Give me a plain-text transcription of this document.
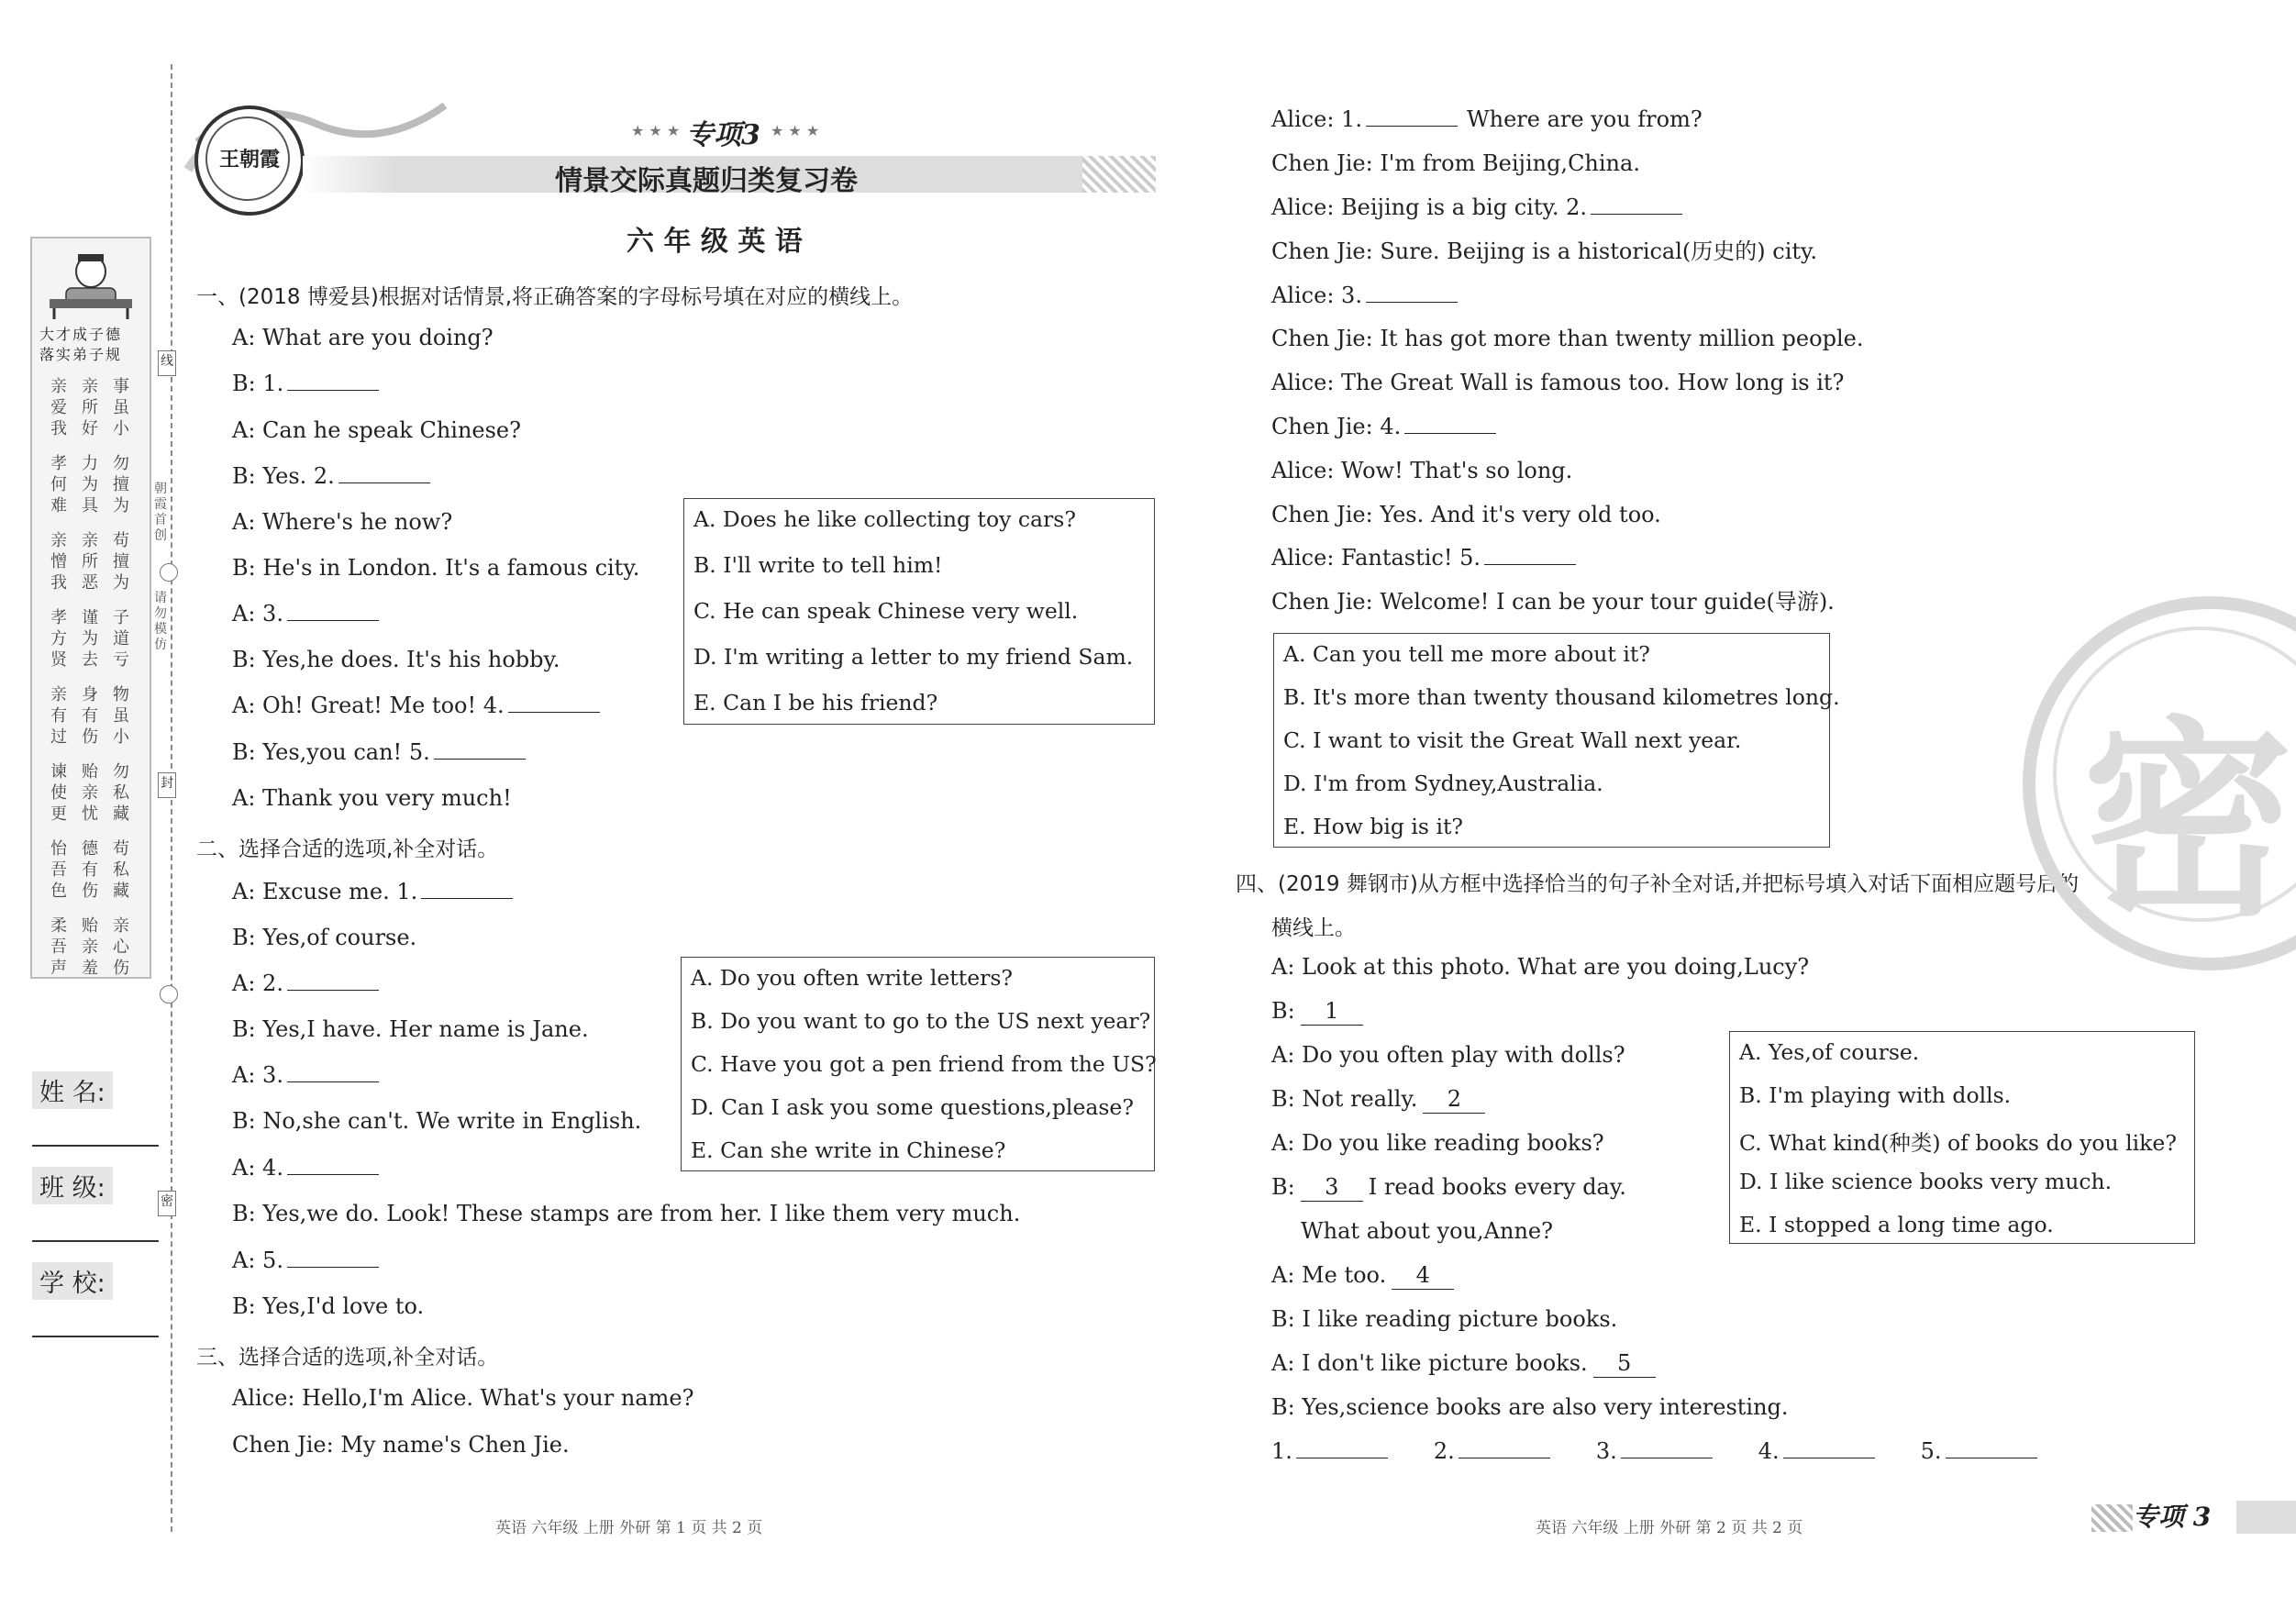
大才成子德
落实弟子规
亲爱我
亲所好
事虽小
孝何难
力为具
勿擅为
亲憎我
亲所恶
苟擅为
孝方贤
谨为去
子道亏
亲有过
身有伤
物虽小
谏使更
贻亲忧
勿私藏
怡吾色
德有伤
苟私藏
柔吾声
贻亲羞
亲心伤
线
朝霞首创
请勿模仿
封
密
姓 名:
班 级:
学 校:
王朝霞
★ ★ ★ 专项3 ★ ★ ★
情景交际真题归类复习卷
六 年 级 英 语
一、(2018 博爱县)根据对话情景,将正确答案的字母标号填在对应的横线上。
A: What are you doing?
B: 1.
A: Can he speak Chinese?
B: Yes. 2.
A: Where's he now?
B: He's in London. It's a famous city.
A: 3.
B: Yes,he does. It's his hobby.
A: Oh! Great! Me too! 4.
B: Yes,you can! 5.
A: Thank you very much!
A. Does he like collecting toy cars?
B. I'll write to tell him!
C. He can speak Chinese very well.
D. I'm writing a letter to my friend Sam.
E. Can I be his friend?
二、选择合适的选项,补全对话。
A: Excuse me. 1.
B: Yes,of course.
A: 2.
B: Yes,I have. Her name is Jane.
A: 3.
B: No,she can't. We write in English.
A: 4.
B: Yes,we do. Look! These stamps are from her. I like them very much.
A: 5.
B: Yes,I'd love to.
A. Do you often write letters?
B. Do you want to go to the US next year?
C. Have you got a pen friend from the US?
D. Can I ask you some questions,please?
E. Can she write in Chinese?
三、选择合适的选项,补全对话。
Alice: Hello,I'm Alice. What's your name?
Chen Jie: My name's Chen Jie.
Alice: 1.	Where are you from?
Chen Jie: I'm from Beijing,China.
Alice: Beijing is a big city. 2.
Chen Jie: Sure. Beijing is a historical(历史的) city.
Alice: 3.
Chen Jie: It has got more than twenty million people.
Alice: The Great Wall is famous too. How long is it?
Chen Jie: 4.
Alice: Wow! That's so long.
Chen Jie: Yes. And it's very old too.
Alice: Fantastic! 5.
Chen Jie: Welcome! I can be your tour guide(导游).
A. Can you tell me more about it?
B. It's more than twenty thousand kilometres long.
C. I want to visit the Great Wall next year.
D. I'm from Sydney,Australia.
E. How big is it?
四、(2019 舞钢市)从方框中选择恰当的句子补全对话,并把标号填入对话下面相应题号后的
横线上。
A: Look at this photo. What are you doing,Lucy?
B: 1
A: Do you often play with dolls?
B: Not really. 2
A: Do you like reading books?
B: 3 I read books every day.
What about you,Anne?
A: Me too. 4
B: I like reading picture books.
A: I don't like picture books. 5
B: Yes,science books are also very interesting.
A. Yes,of course.
B. I'm playing with dolls.
C. What kind(种类) of books do you like?
D. I like science books very much.
E. I stopped a long time ago.
1.	2.	3.	4.	5.
密
英语 六年级 上册 外研 第 1 页 共 2 页	英语 六年级 上册 外研 第 2 页 共 2 页	专项 3
